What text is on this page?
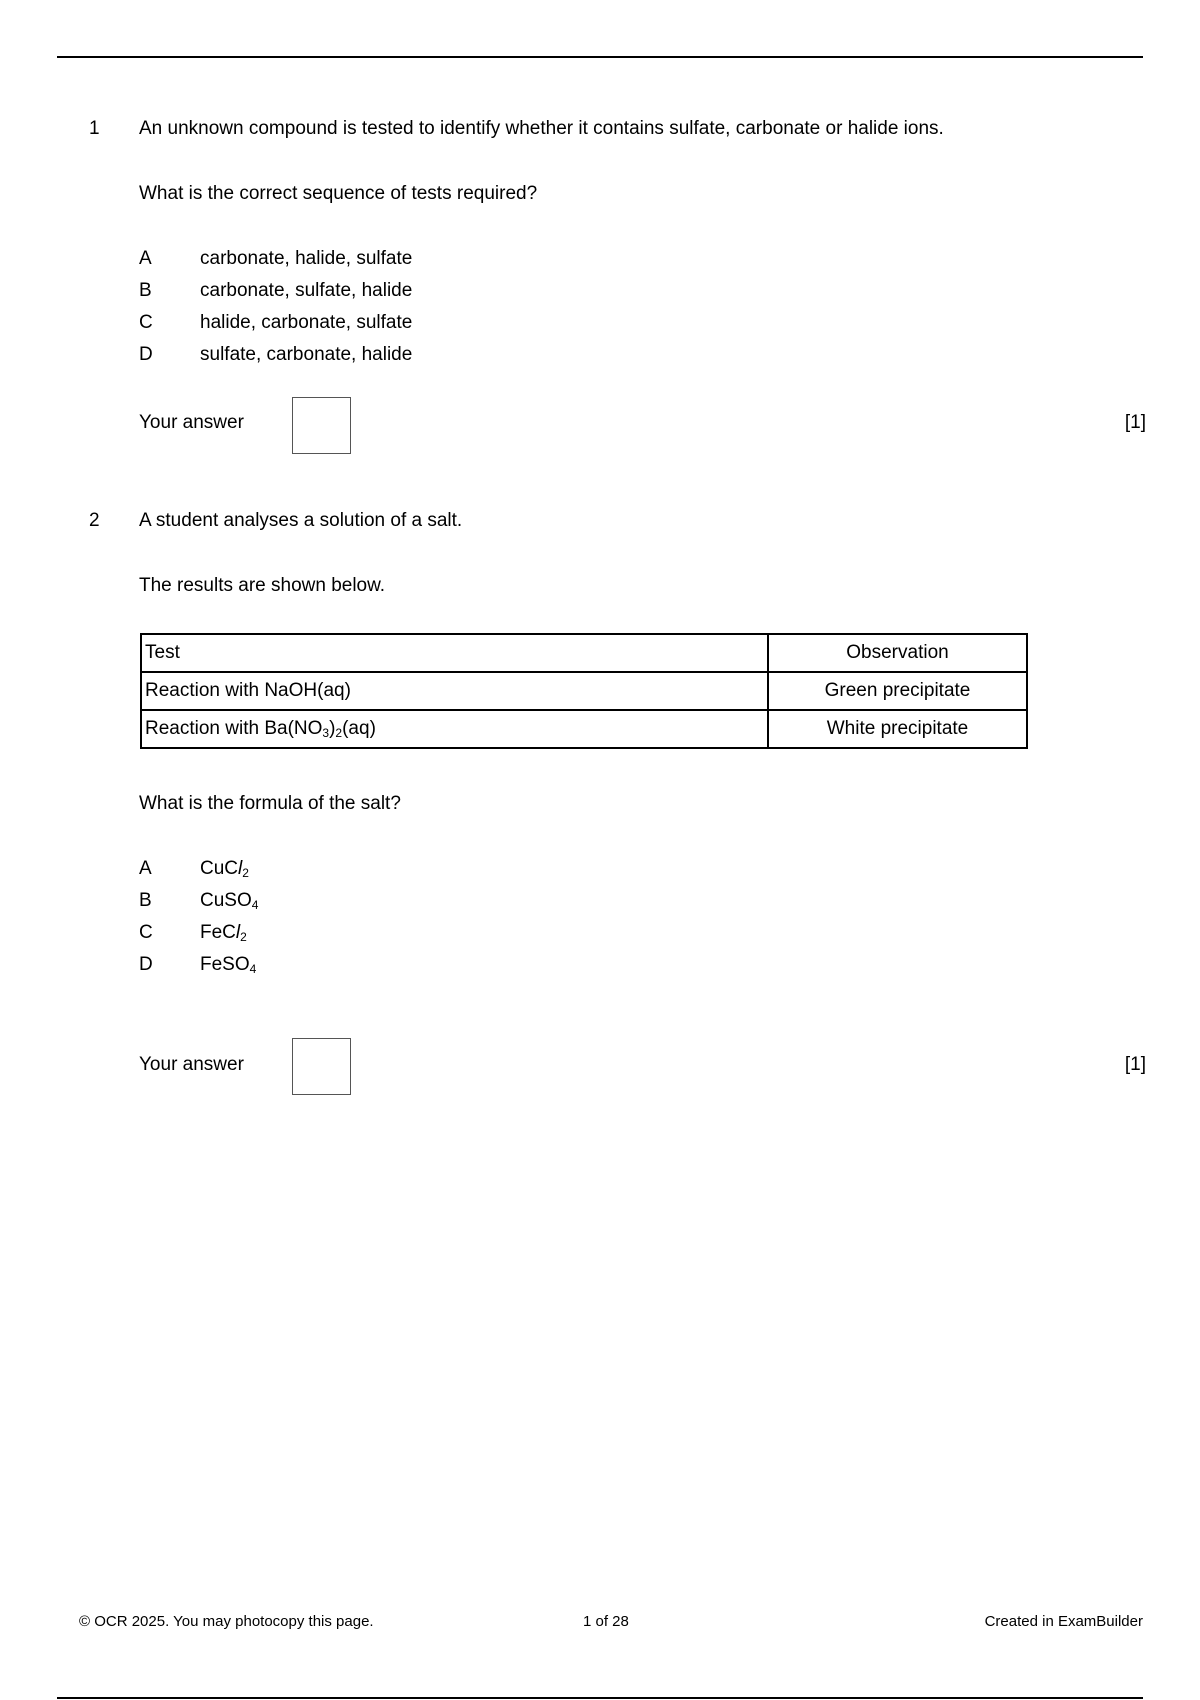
1 An unknown compound is tested to identify whether it contains sulfate, carbonate or halide ions.
What is the correct sequence of tests required?
A	carbonate, halide, sulfate
B	carbonate, sulfate, halide
C halide, carbonate, sulfate
D sulfate, carbonate, halide
Your answer	[1]
2 A student analyses a solution of a salt.
The results are shown below.
Test	Observation
Reaction with NaOH(aq)	Green precipitate
Reaction with $Ba(NO_3)_2(aq)$	White precipitate
What is the formula of the salt?
A	CuCl$_2$
B	CuSO$_4$
C FeCl$_2$
D FeSO$_4$
Your answer	[1]
© OCR 2025. You may photocopy this page.	1 of 28	Created in ExamBuilder
